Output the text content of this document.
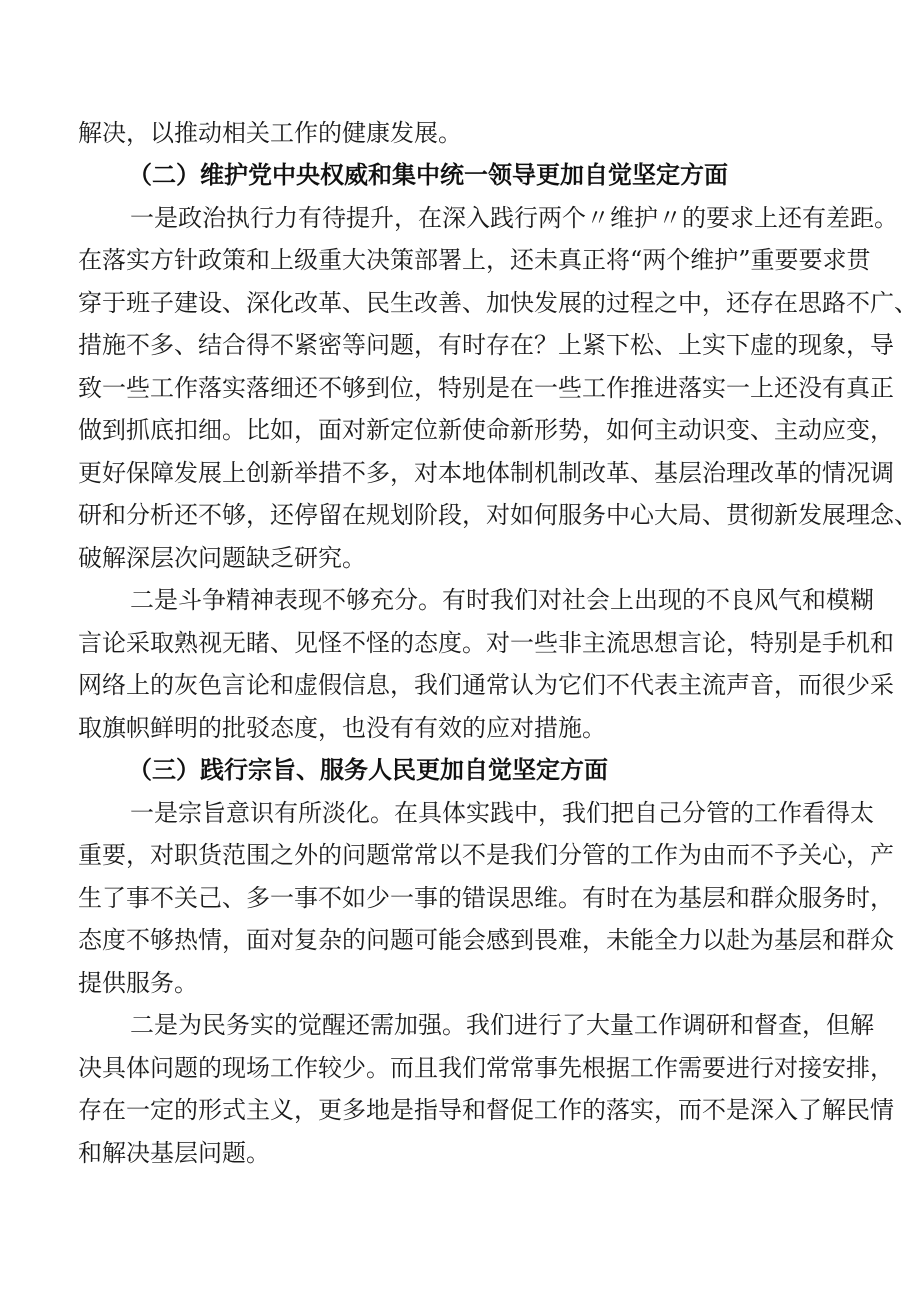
解决，以推动相关工作的健康发展。
（二）维护党中央权威和集中统一领导更加自觉坚定方面
一是政治执行力有待提升，在深入践行两个〃维护〃的要求上还有差距。
在落实方针政策和上级重大决策部署上，还未真正将“两个维护”重要要求贯
穿于班子建设、深化改革、民生改善、加快发展的过程之中，还存在思路不广、
措施不多、结合得不紧密等问题，有时存在？上紧下松、上实下虚的现象，导
致一些工作落实落细还不够到位，特别是在一些工作推进落实一上还没有真正
做到抓底扣细。比如，面对新定位新使命新形势，如何主动识变、主动应变，
更好保障发展上创新举措不多，对本地体制机制改革、基层治理改革的情况调
研和分析还不够，还停留在规划阶段，对如何服务中心大局、贯彻新发展理念、
破解深层次问题缺乏研究。
二是斗争精神表现不够充分。有时我们对社会上出现的不良风气和模糊
言论采取熟视无睹、见怪不怪的态度。对一些非主流思想言论，特别是手机和
网络上的灰色言论和虚假信息，我们通常认为它们不代表主流声音，而很少采
取旗帜鲜明的批驳态度，也没有有效的应对措施。
（三）践行宗旨、服务人民更加自觉坚定方面
一是宗旨意识有所淡化。在具体实践中，我们把自己分管的工作看得太
重要，对职货范围之外的问题常常以不是我们分管的工作为由而不予关心，产
生了事不关己、多一事不如少一事的错误思维。有时在为基层和群众服务时，
态度不够热情，面对复杂的问题可能会感到畏难，未能全力以赴为基层和群众
提供服务。
二是为民务实的觉醒还需加强。我们进行了大量工作调研和督查，但解
决具体问题的现场工作较少。而且我们常常事先根据工作需要进行对接安排，
存在一定的形式主义，更多地是指导和督促工作的落实，而不是深入了解民情
和解决基层问题。
